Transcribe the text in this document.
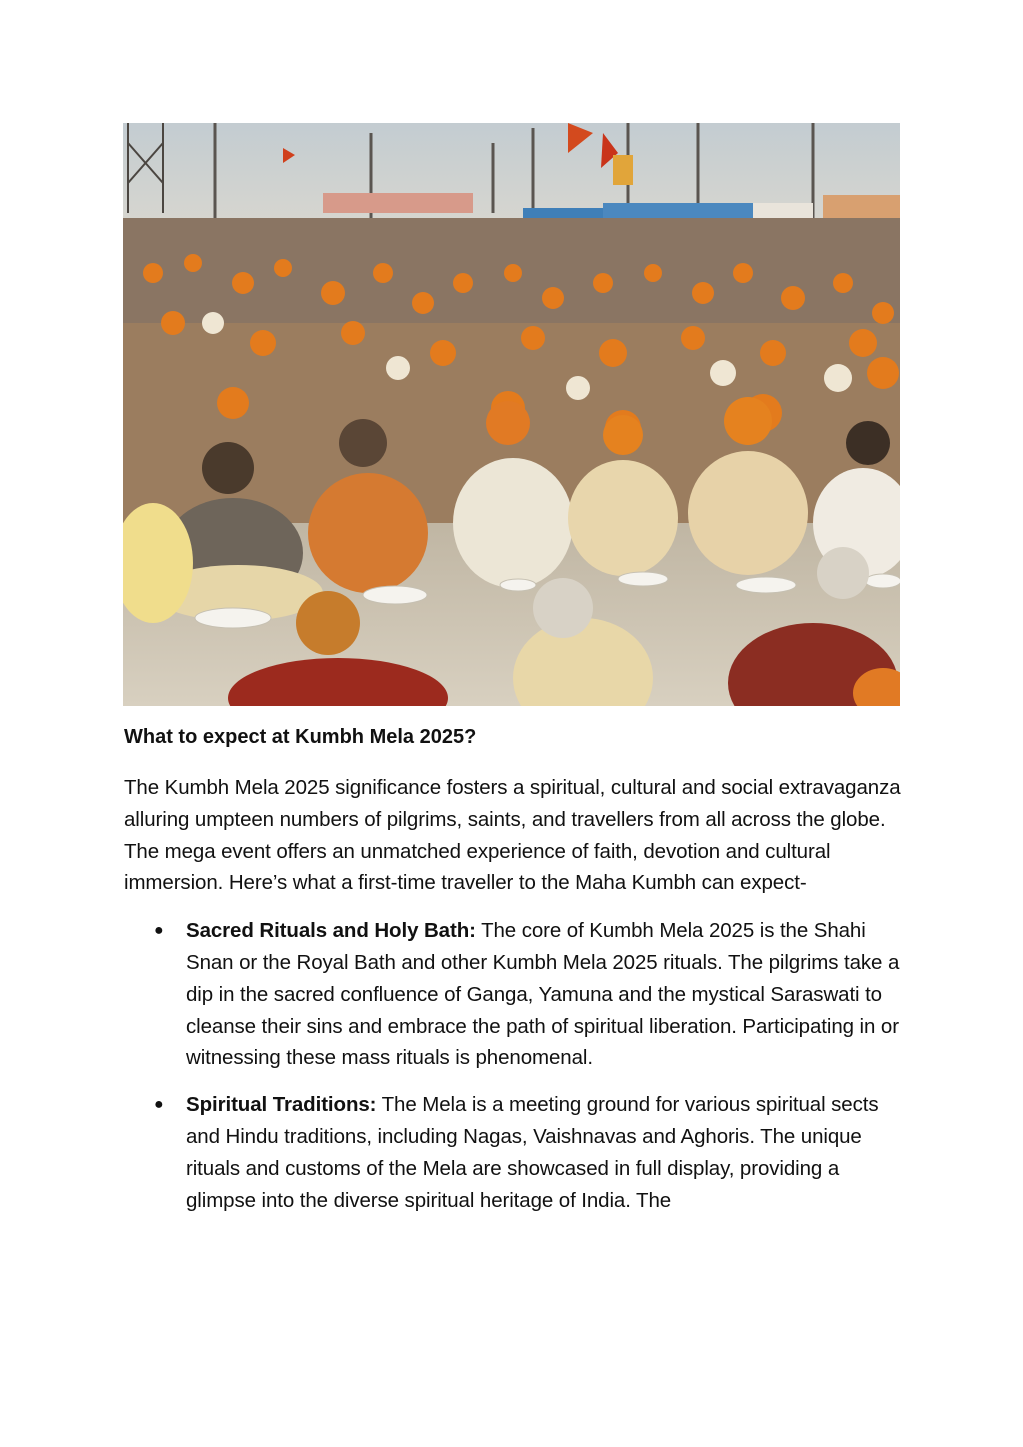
What to expect at Kumbh Mela 2025?

The Kumbh Mela 2025 significance fosters a spiritual, cultural and social extravaganza alluring umpteen numbers of pilgrims, saints, and travellers from all across the globe. The mega event offers an unmatched experience of faith, devotion and cultural immersion. Here’s what a first-time traveller to the Maha Kumbh can expect-

● Sacred Rituals and Holy Bath: The core of Kumbh Mela 2025 is the Shahi Snan or the Royal Bath and other Kumbh Mela 2025 rituals. The pilgrims take a dip in the sacred confluence of Ganga, Yamuna and the mystical Saraswati to cleanse their sins and embrace the path of spiritual liberation. Participating in or witnessing these mass rituals is phenomenal.
● Spiritual Traditions: The Mela is a meeting ground for various spiritual sects and Hindu traditions, including Nagas, Vaishnavas and Aghoris. The unique rituals and customs of the Mela are showcased in full display, providing a glimpse into the diverse spiritual heritage of India. The
